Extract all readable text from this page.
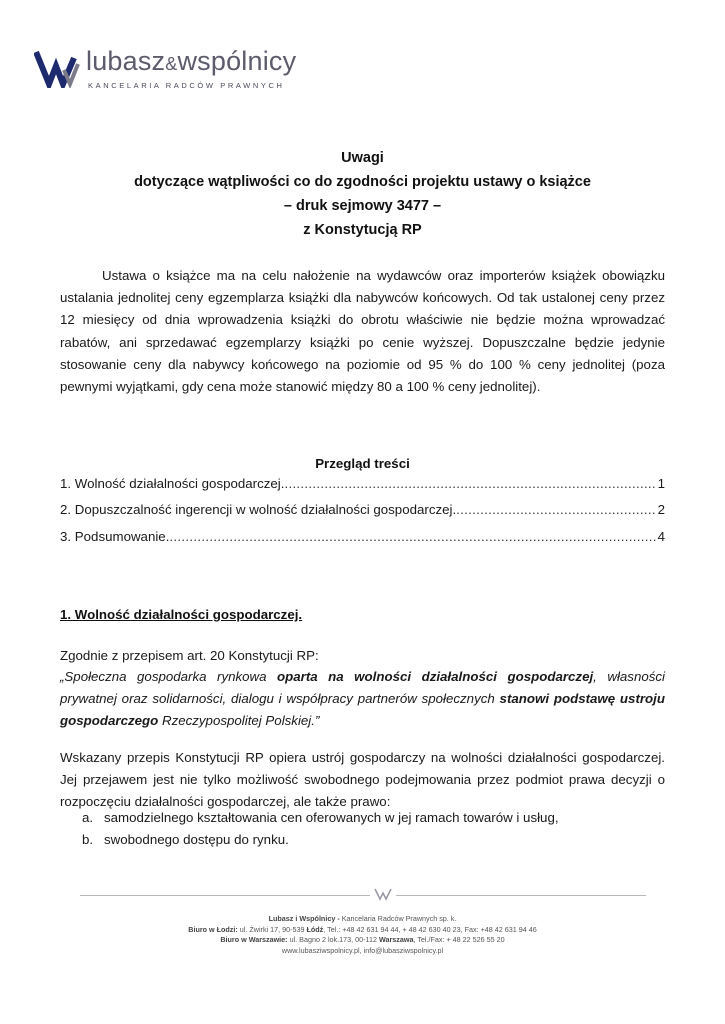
lubasz&wspólnicy
KANCELARIA RADCÓW PRAWNYCH
Uwagi
dotyczące wątpliwości co do zgodności projektu ustawy o książce
– druk sejmowy 3477 –
z Konstytucją RP
Ustawa o książce ma na celu nałożenie na wydawców oraz importerów książek obowiązku ustalania jednolitej ceny egzemplarza książki dla nabywców końcowych. Od tak ustalonej ceny przez 12 miesięcy od dnia wprowadzenia książki do obrotu właściwie nie będzie można wprowadzać rabatów, ani sprzedawać egzemplarzy książki po cenie wyższej. Dopuszczalne będzie jedynie stosowanie ceny dla nabywcy końcowego na poziomie od 95 % do 100 % ceny jednolitej (poza pewnymi wyjątkami, gdy cena może stanowić między 80 a 100 % ceny jednolitej).
Przegląd treści
1. Wolność działalności gospodarczej. .....	1
2. Dopuszczalność ingerencji w wolność działalności gospodarczej. .....	2
3. Podsumowanie. .....	4
1. Wolność działalności gospodarczej.
Zgodnie z przepisem art. 20 Konstytucji RP:
„Społeczna gospodarka rynkowa oparta na wolności działalności gospodarczej, własności prywatnej oraz solidarności, dialogu i współpracy partnerów społecznych stanowi podstawę ustroju gospodarczego Rzeczypospolitej Polskiej.”
Wskazany przepis Konstytucji RP opiera ustrój gospodarczy na wolności działalności gospodarczej. Jej przejawem jest nie tylko możliwość swobodnego podejmowania przez podmiot prawa decyzji o rozpoczęciu działalności gospodarczej, ale także prawo:
a. samodzielnego kształtowania cen oferowanych w jej ramach towarów i usług,
b. swobodnego dostępu do rynku.
Lubasz i Wspólnicy - Kancelaria Radców Prawnych sp. k.
Biuro w Łodzi: ul. Żwirki 17, 90-539 Łódź, Tel.: +48 42 631 94 44, + 48 42 630 40 23, Fax: +48 42 631 94 46
Biuro w Warszawie: ul. Bagno 2 lok.173, 00-112 Warszawa, Tel./Fax: + 48 22 526 55 20
www.lubasziwspolnicy.pl, info@lubasziwspolnicy.pl
